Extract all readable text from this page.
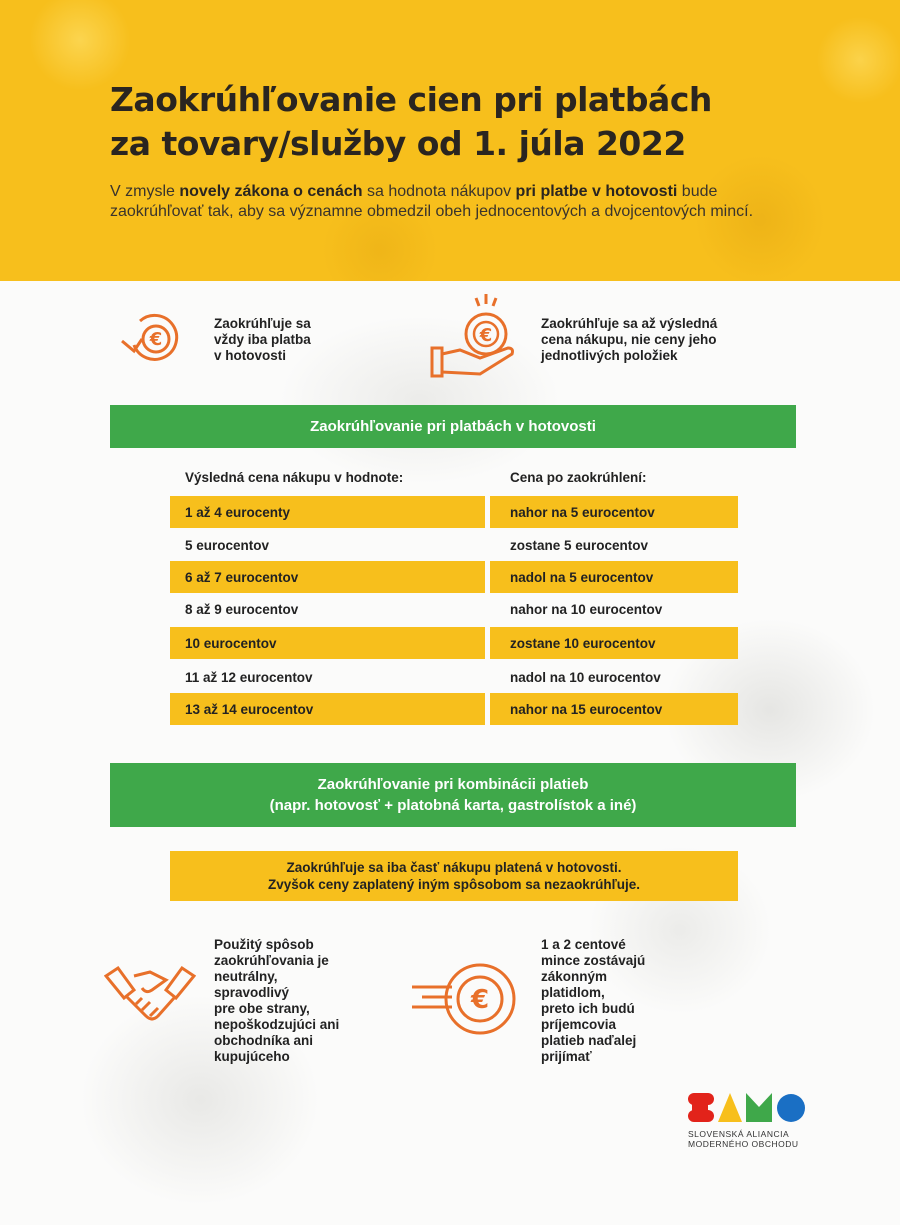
Zaokrúhľovanie cien pri platbách
za tovary/služby od 1. júla 2022

V zmysle novely zákona o cenách sa hodnota nákupov pri platbe v hotovosti bude zaokrúhľovať tak, aby sa významne obmedzil obeh jednocentových a dvojcentových mincí.

€
Zaokrúhľuje sa
vždy iba platba
v hotovosti
€
Zaokrúhľuje sa až výsledná
cena nákupu, nie ceny jeho
jednotlivých položiek
Zaokrúhľovanie pri platbách v hotovosti
Výsledná cena nákupu v hodnote:	Cena po zaokrúhlení:
1 až 4 eurocenty	nahor na 5 eurocentov
5 eurocentov	zostane 5 eurocentov
6 až 7 eurocentov	nadol na 5 eurocentov
8 až 9 eurocentov	nahor na 10 eurocentov
10 eurocentov	zostane 10 eurocentov
11 až 12 eurocentov	nadol na 10 eurocentov
13 až 14 eurocentov	nahor na 15 eurocentov
Zaokrúhľovanie pri kombinácii platieb
(napr. hotovosť + platobná karta, gastrolístok a iné)
Zaokrúhľuje sa iba časť nákupu platená v hotovosti.
Zvyšok ceny zaplatený iným spôsobom sa nezaokrúhľuje.
Použitý spôsob
zaokrúhľovania je
neutrálny,
spravodlivý
pre obe strany,
nepoškodzujúci ani
obchodníka ani
kupujúceho
€
1 a 2 centové
mince zostávajú
zákonným
platidlom,
preto ich budú
príjemcovia
platieb naďalej
prijímať
SLOVENSKÁ ALIANCIA
MODERNÉHO OBCHODU
